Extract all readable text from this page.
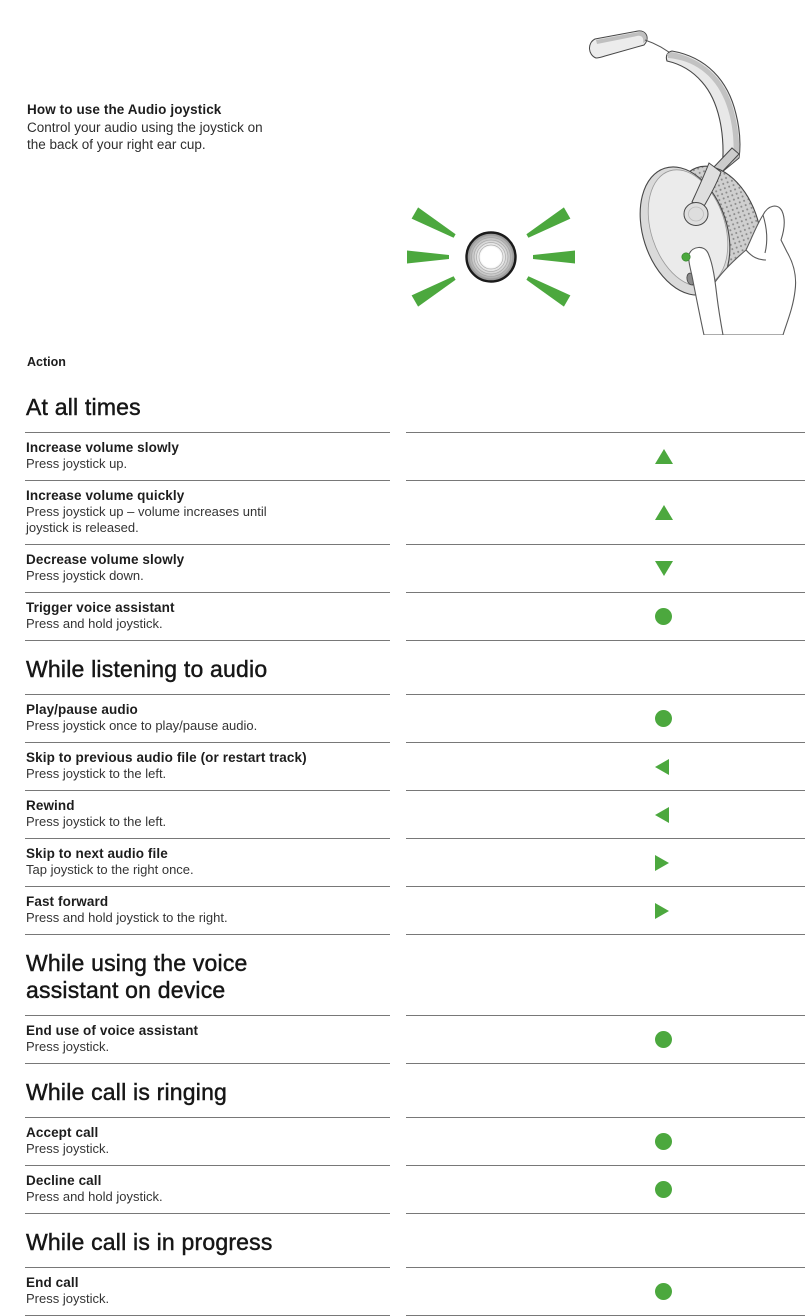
How to use the Audio joystick

Control your audio using the joystick on the back of your right ear cup.

Action
At all times
Increase volume slowly
Press joystick up.
Increase volume quickly
Press joystick up – volume increases until joystick is released.
Decrease volume slowly
Press joystick down.
Trigger voice assistant
Press and hold joystick.
While listening to audio
Play/pause audio
Press joystick once to play/pause audio.
Skip to previous audio file (or restart track)
Press joystick to the left.
Rewind
Press joystick to the left.
Skip to next audio file
Tap joystick to the right once.
Fast forward
Press and hold joystick to the right.
While using the voice assistant on device
End use of voice assistant
Press joystick.
While call is ringing
Accept call
Press joystick.
Decline call
Press and hold joystick.
While call is in progress
End call
Press joystick.
